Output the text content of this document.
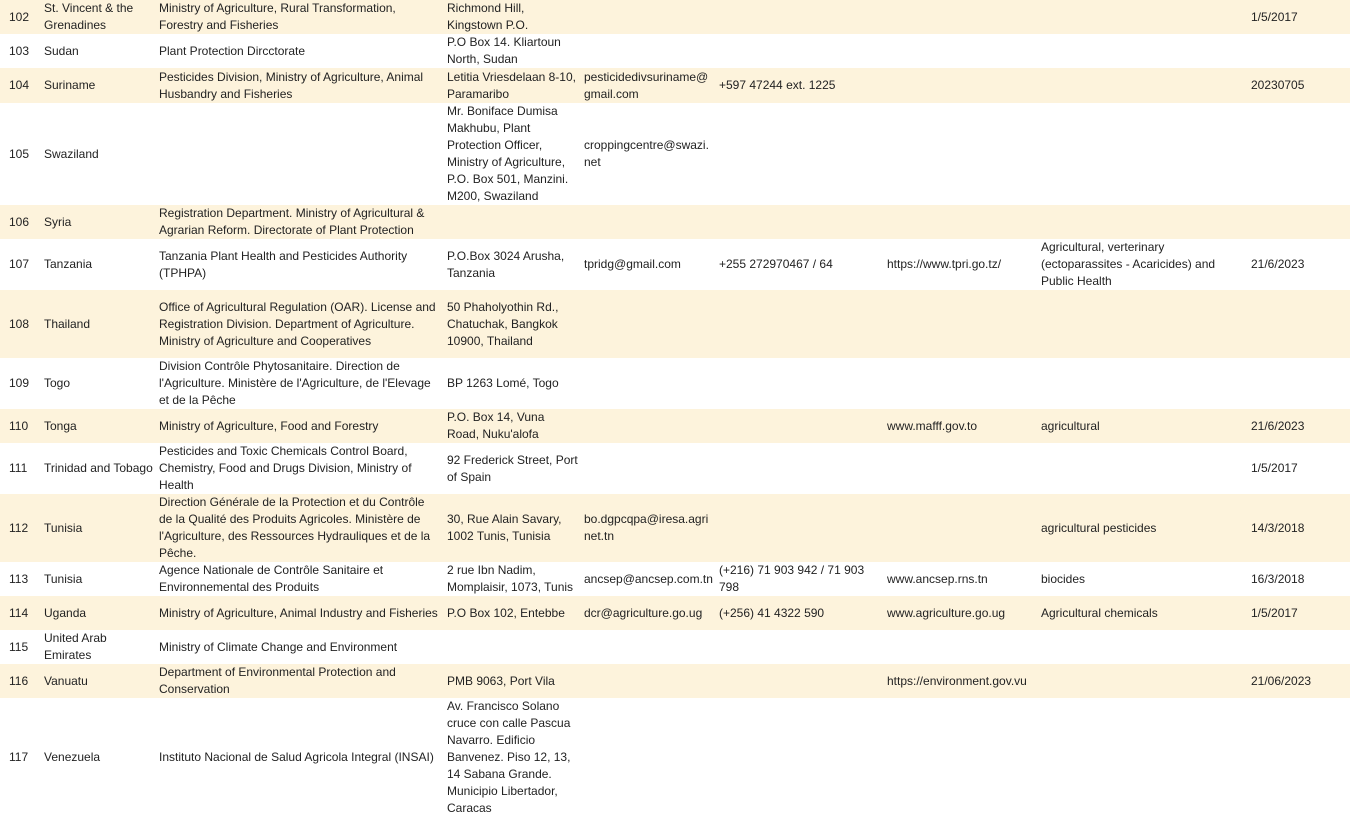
102	St. Vincent & the Grenadines	Ministry of Agriculture, Rural Transformation, Forestry and Fisheries	Richmond Hill, Kingstown P.O.					1/5/2017
103	Sudan	Plant Protection Dircctorate	P.O Box 14. Kliartoun North, Sudan					
104	Suriname	Pesticides Division, Ministry of Agriculture, Animal Husbandry and Fisheries	Letitia Vriesdelaan 8-10, Paramaribo	pesticidedivsuriname@gmail.com	+597 47244 ext. 1225			20230705
105	Swaziland		Mr. Boniface Dumisa Makhubu, Plant Protection Officer, Ministry of Agriculture, P.O. Box 501, Manzini. M200, Swaziland	croppingcentre@swazi.net				
106	Syria	Registration Department. Ministry of Agricultural & Agrarian Reform. Directorate of Plant Protection						
107	Tanzania	Tanzania Plant Health and Pesticides Authority (TPHPA)	P.O.Box 3024 Arusha, Tanzania	tpridg@gmail.com	+255 272970467 / 64	https://www.tpri.go.tz/	Agricultural, verterinary (ectoparassites - Acaricides) and Public Health	21/6/2023
108	Thailand	Office of Agricultural Regulation (OAR). License and Registration Division. Department of Agriculture. Ministry of Agriculture and Cooperatives	50 Phaholyothin Rd., Chatuchak, Bangkok 10900, Thailand					
109	Togo	Division Contrôle Phytosanitaire. Direction de l'Agriculture. Ministère de l'Agriculture, de l'Elevage et de la Pêche	BP 1263 Lomé, Togo					
110	Tonga	Ministry of Agriculture, Food and Forestry	P.O. Box 14, Vuna Road, Nuku'alofa			www.mafff.gov.to	agricultural	21/6/2023
111	Trinidad and Tobago	Pesticides and Toxic Chemicals Control Board, Chemistry, Food and Drugs Division, Ministry of Health	92 Frederick Street, Port of Spain					1/5/2017
112	Tunisia	Direction Générale de la Protection et du Contrôle de la Qualité des Produits Agricoles. Ministère de l'Agriculture, des Ressources Hydrauliques et de la Pêche.	30, Rue Alain Savary, 1002 Tunis, Tunisia	bo.dgpcqpa@iresa.agrinet.tn			agricultural pesticides	14/3/2018
113	Tunisia	Agence Nationale de Contrôle Sanitaire et Environnemental des Produits	2 rue Ibn Nadim, Momplaisir, 1073, Tunis	ancsep@ancsep.com.tn	(+216) 71 903 942 / 71 903 798	www.ancsep.rns.tn	biocides	16/3/2018
114	Uganda	Ministry of Agriculture, Animal Industry and Fisheries	P.O Box 102, Entebbe	dcr@agriculture.go.ug	(+256) 41 4322 590	www.agriculture.go.ug	Agricultural chemicals	1/5/2017
115	United Arab Emirates	Ministry of Climate Change and Environment						
116	Vanuatu	Department of Environmental Protection and Conservation	PMB 9063, Port Vila			https://environment.gov.vu		21/06/2023
117	Venezuela	Instituto Nacional de Salud Agricola Integral (INSAI)	Av. Francisco Solano cruce con calle Pascua Navarro. Edificio Banvenez. Piso 12, 13, 14 Sabana Grande. Municipio Libertador, Caracas					
